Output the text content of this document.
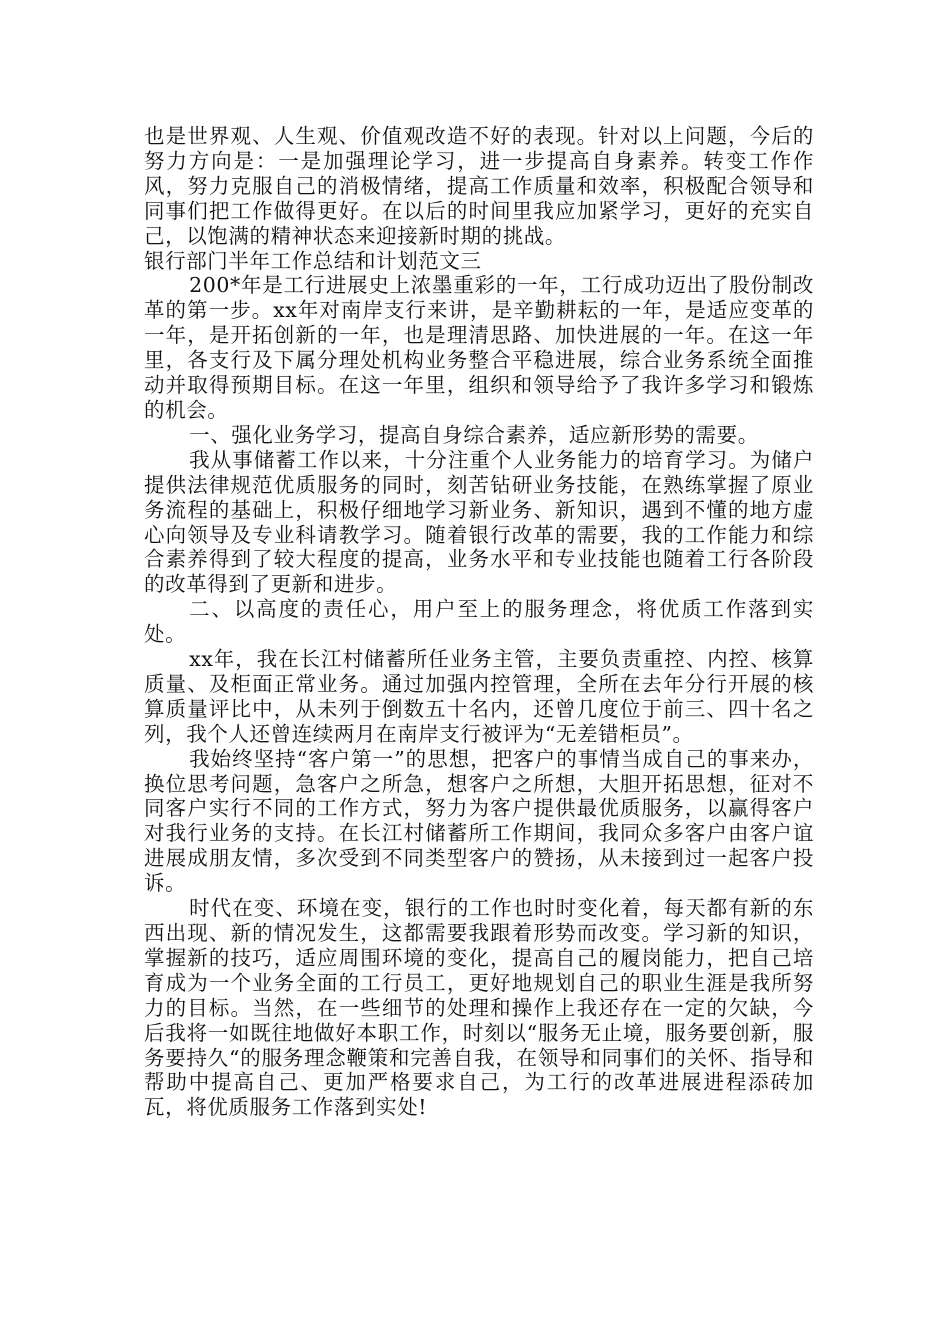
也是世界观、人生观、价值观改造不好的表现。针对以上问题，今后的努力方向是：一是加强理论学习，进一步提高自身素养。转变工作作风，努力克服自己的消极情绪，提高工作质量和效率，积极配合领导和同事们把工作做得更好。在以后的时间里我应加紧学习，更好的充实自己，以饱满的精神状态来迎接新时期的挑战。

银行部门半年工作总结和计划范文三

200*年是工行进展史上浓墨重彩的一年，工行成功迈出了股份制改革的第一步。xx年对南岸支行来讲，是辛勤耕耘的一年，是适应变革的一年，是开拓创新的一年，也是理清思路、加快进展的一年。在这一年里，各支行及下属分理处机构业务整合平稳进展，综合业务系统全面推动并取得预期目标。在这一年里，组织和领导给予了我许多学习和锻炼的机会。

一、强化业务学习，提高自身综合素养，适应新形势的需要。

我从事储蓄工作以来，十分注重个人业务能力的培育学习。为储户提供法律规范优质服务的同时，刻苦钻研业务技能，在熟练掌握了原业务流程的基础上，积极仔细地学习新业务、新知识，遇到不懂的地方虚心向领导及专业科请教学习。随着银行改革的需要，我的工作能力和综合素养得到了较大程度的提高，业务水平和专业技能也随着工行各阶段的改革得到了更新和进步。

二、以高度的责任心，用户至上的服务理念，将优质工作落到实处。

xx年，我在长江村储蓄所任业务主管，主要负责重控、内控、核算质量、及柜面正常业务。通过加强内控管理，全所在去年分行开展的核算质量评比中，从未列于倒数五十名内，还曾几度位于前三、四十名之列，我个人还曾连续两月在南岸支行被评为“无差错柜员”。

我始终坚持“客户第一”的思想，把客户的事情当成自己的事来办，换位思考问题，急客户之所急，想客户之所想，大胆开拓思想，征对不同客户实行不同的工作方式，努力为客户提供最优质服务，以赢得客户对我行业务的支持。在长江村储蓄所工作期间，我同众多客户由客户谊进展成朋友情，多次受到不同类型客户的赞扬，从未接到过一起客户投诉。

时代在变、环境在变，银行的工作也时时变化着，每天都有新的东西出现、新的情况发生，这都需要我跟着形势而改变。学习新的知识，掌握新的技巧，适应周围环境的变化，提高自己的履岗能力，把自己培育成为一个业务全面的工行员工，更好地规划自己的职业生涯是我所努力的目标。当然，在一些细节的处理和操作上我还存在一定的欠缺，今后我将一如既往地做好本职工作，时刻以“服务无止境，服务要创新，服务要持久“的服务理念鞭策和完善自我，在领导和同事们的关怀、指导和帮助中提高自己、更加严格要求自己，为工行的改革进展进程添砖加瓦，将优质服务工作落到实处!
